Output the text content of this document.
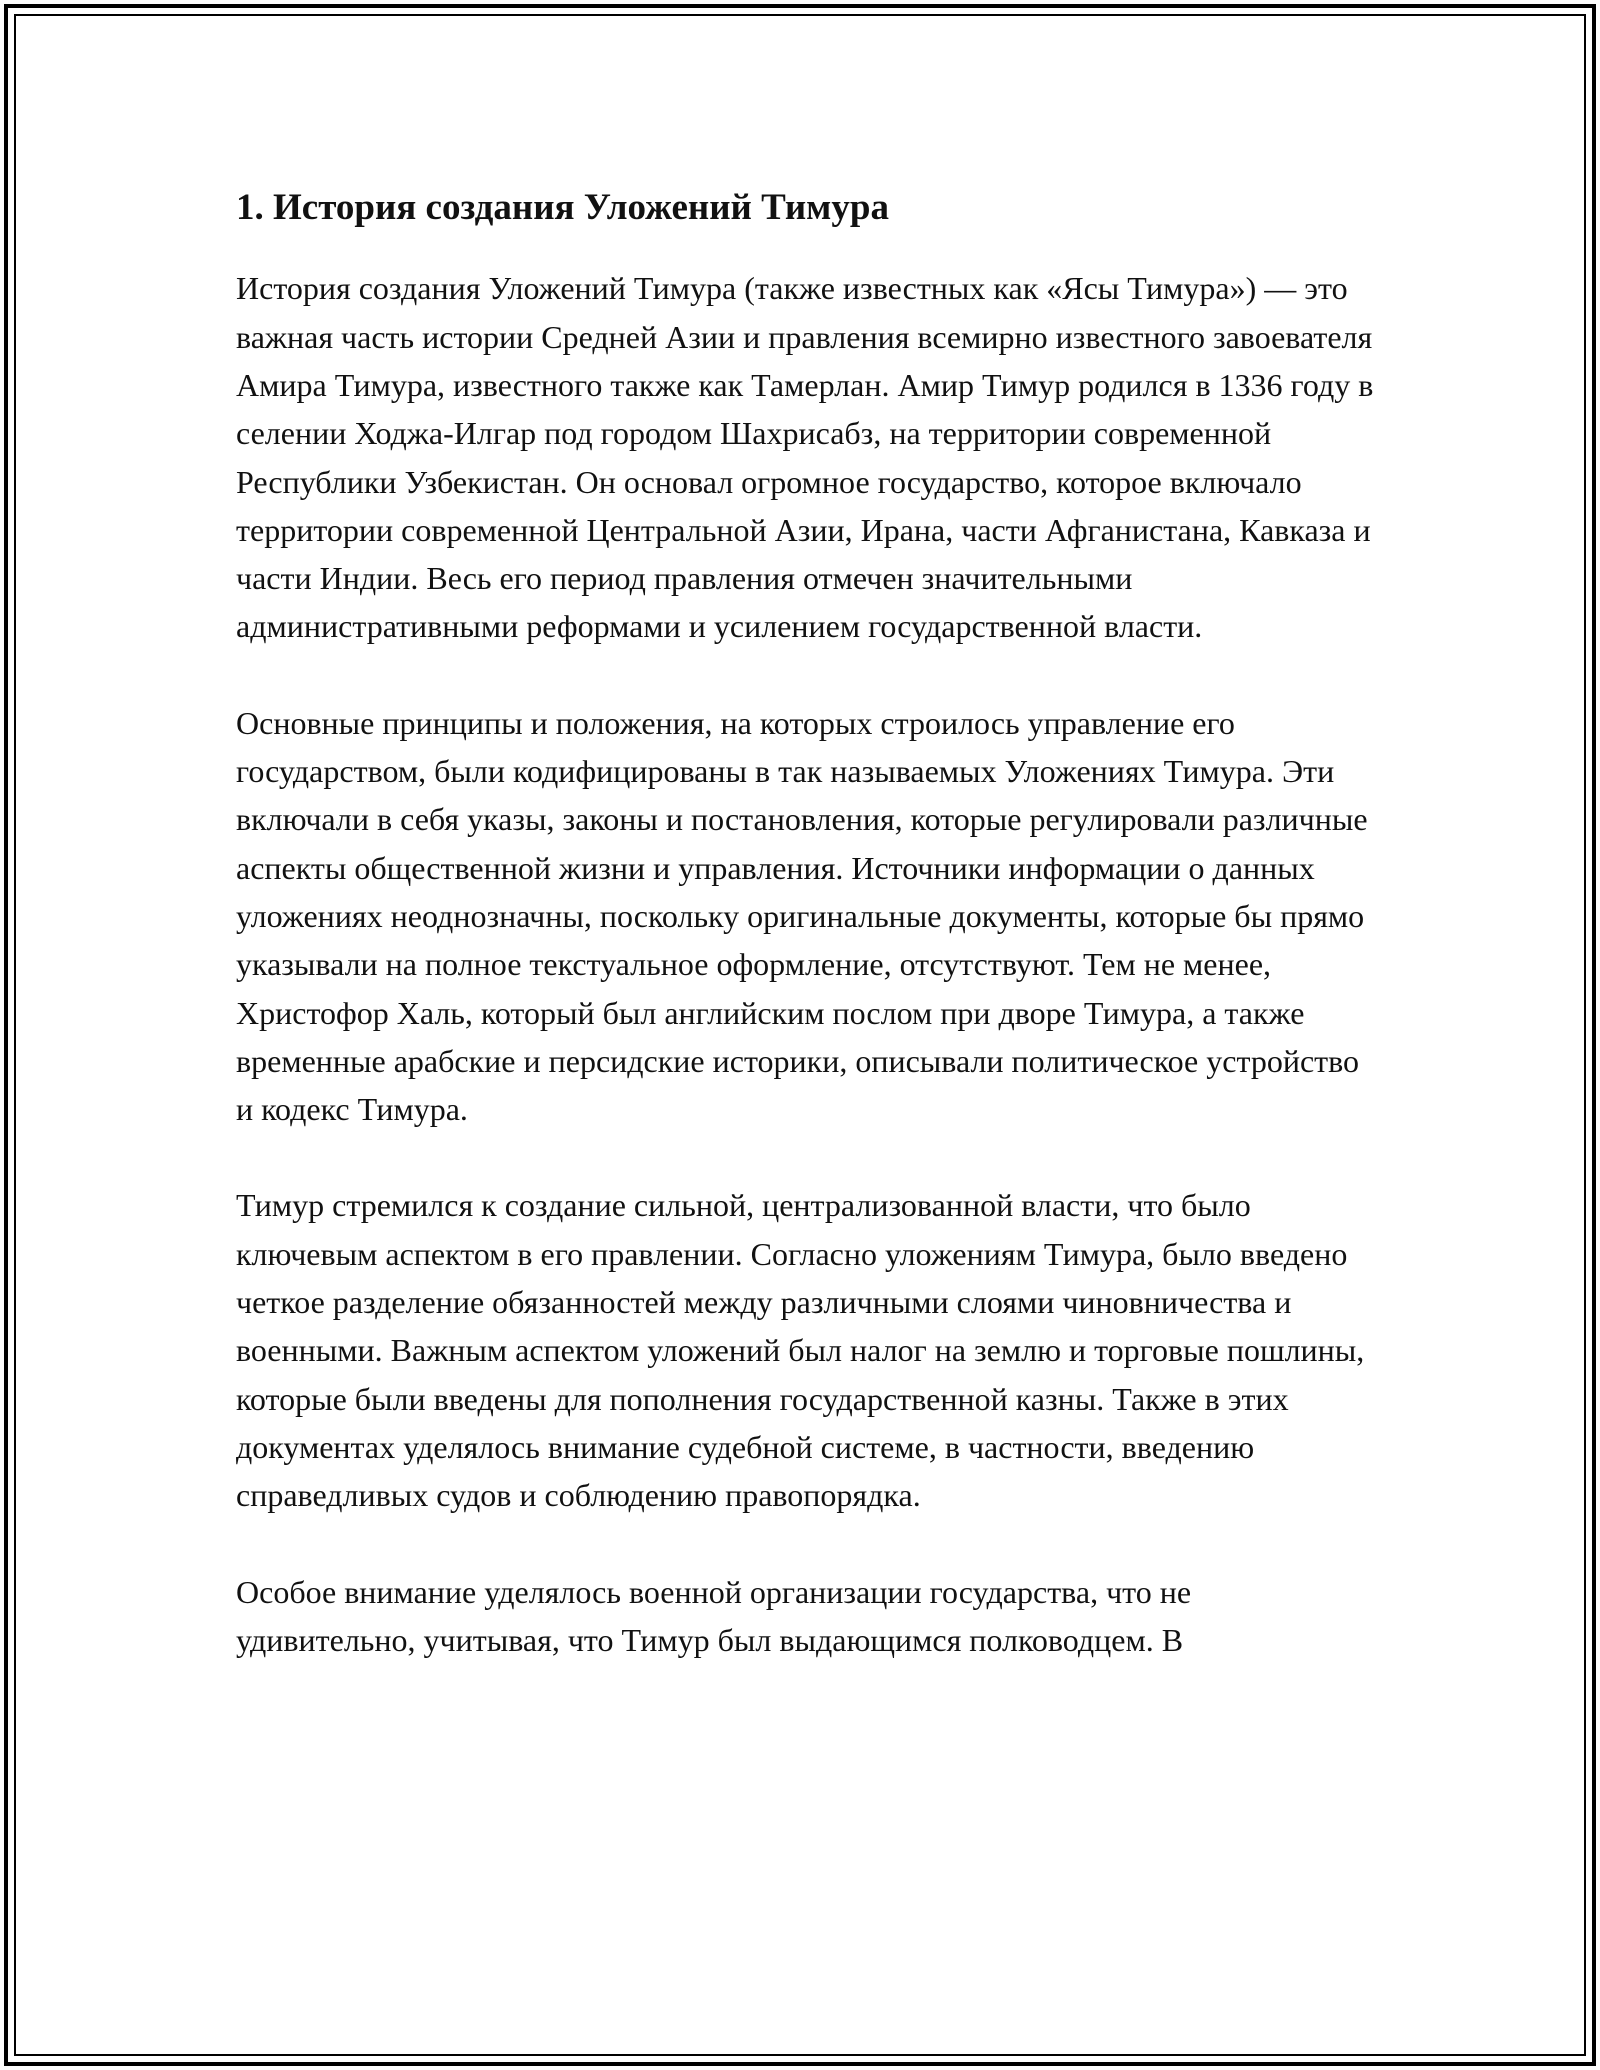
1. История создания Уложений Тимура

История создания Уложений Тимура (также известных как «Ясы Тимура») — это важная часть истории Средней Азии и правления всемирно известного завоевателя Амира Тимура, известного также как Тамерлан. Амир Тимур родился в 1336 году в селении Ходжа-Илгар под городом Шахрисабз, на территории современной Республики Узбекистан. Он основал огромное государство, которое включало территории современной Центральной Азии, Ирана, части Афганистана, Кавказа и части Индии. Весь его период правления отмечен значительными административными реформами и усилением государственной власти.

Основные принципы и положения, на которых строилось управление его государством, были кодифицированы в так называемых Уложениях Тимура. Эти включали в себя указы, законы и постановления, которые регулировали различные аспекты общественной жизни и управления. Источники информации о данных уложениях неоднозначны, поскольку оригинальные документы, которые бы прямо указывали на полное текстуальное оформление, отсутствуют. Тем не менее, Христофор Халь, который был английским послом при дворе Тимура, а также временные арабские и персидские историки, описывали политическое устройство и кодекс Тимура.

Тимур стремился к создание сильной, централизованной власти, что было ключевым аспектом в его правлении. Согласно уложениям Тимура, было введено четкое разделение обязанностей между различными слоями чиновничества и военными. Важным аспектом уложений был налог на землю и торговые пошлины, которые были введены для пополнения государственной казны. Также в этих документах уделялось внимание судебной системе, в частности, введению справедливых судов и соблюдению правопорядка.

Особое внимание уделялось военной организации государства, что не удивительно, учитывая, что Тимур был выдающимся полководцем. В
